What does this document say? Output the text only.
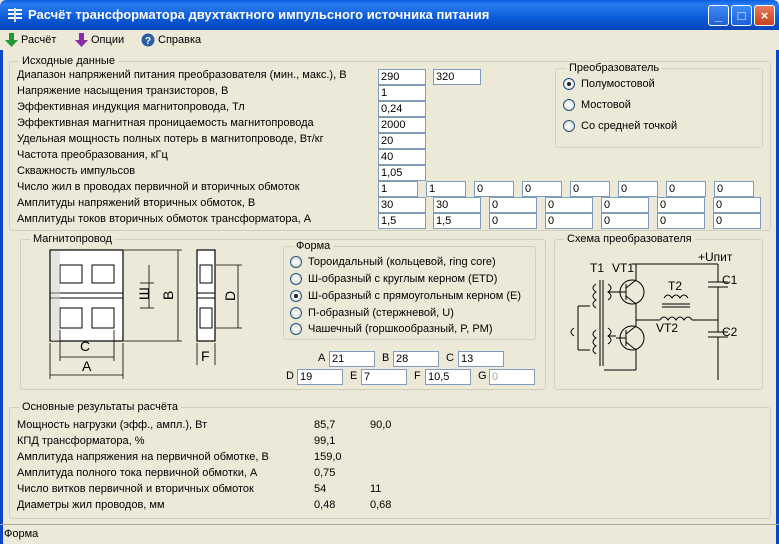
Расчёт трансформатора двухтактного импульсного источника питания	_	□	×
Расчёт	Опции ? Справка
Исходные данные
Диапазон напряжений питания преобразователя (мин., макс.), В	290	320
Напряжение насыщения транзисторов, В	1
Эффективная индукция магнитопровода, Тл	0,24
Эффективная магнитная проницаемость магнитопровода	2000
Удельная мощность полных потерь в магнитопроводе, Вт/кг	20
Частота преобразования, кГц	40
Скважность импульсов	1,05
Число жил в проводах первичной и вторичных обмоток	1	1	0	0	0	0	0	0
Амплитуды напряжений вторичных обмоток, В	30	30	0	0	0	0	0
Амплитуды токов вторичных обмоток трансформатора, А	1,5	1,5	0	0	0	0	0
Преобразователь
Полумостовой
Мостовой
Со средней точкой
Магнитопровод
Ш B	D
C
A
F
Форма
Тороидальный (кольцевой, ring core)
Ш-образный с круглым керном (ETD)
Ш-образный с прямоугольным керном (E)
П-образный (стержневой, U)
Чашечный (горшкообразный, P, PM)
A 21	B 28	C 13
D 19	E 7	F 10,5	G 0
Схема преобразователя
T1 VT1
T2
VT2
C1
C2
+Uпит
Основные результаты расчёта
Мощность нагрузки (эфф., ампл.), Вт	85,7	90,0
КПД трансформатора, %	99,1
Амплитуда напряжения на первичной обмотке, В	159,0
Амплитуда полного тока первичной обмотки, А	0,75
Число витков первичной и вторичных обмоток	54	11
Диаметры жил проводов, мм	0,48	0,68
Форма
